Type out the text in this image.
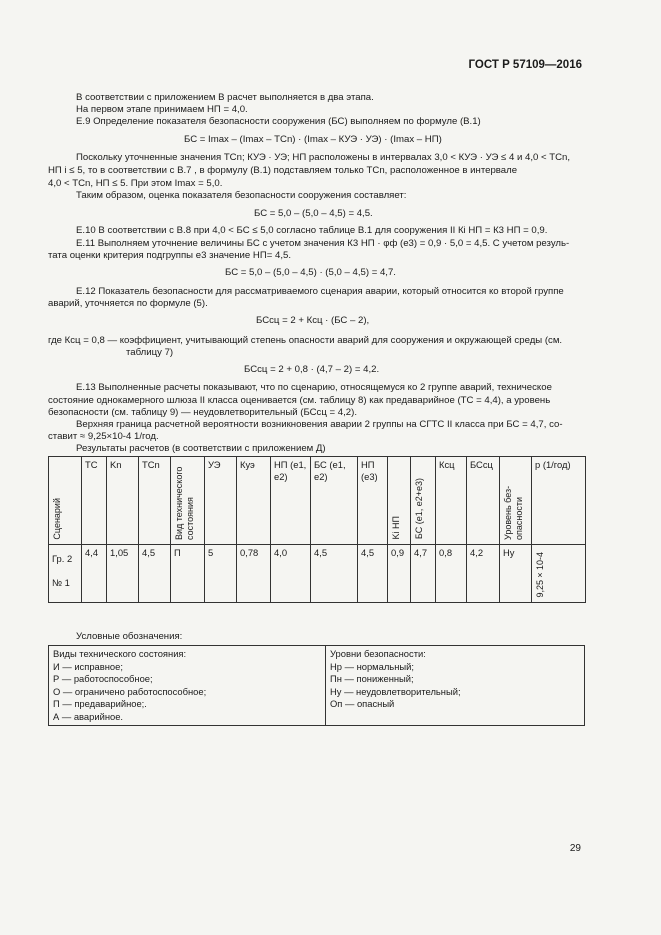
ГОСТ Р 57109—2016
В соответствии с приложением В расчет выполняется в два этапа.
На первом этапе принимаем НП = 4,0.
Е.9 Определение показателя безопасности сооружения (БС) выполняем по формуле (В.1)
БС = Imax – (Imax – ТСn) · (Imax – КУЭ · УЭ) · (Imax – НП)
Поскольку уточненные значения ТСn; КУЭ · УЭ; НП расположены в интервалах 3,0 < КУЭ · УЭ ≤ 4 и 4,0 < ТСn,
НП i ≤ 5, то в соответствии с В.7 , в формулу (В.1) подставляем только ТСn, расположенное в интервале
4,0 < ТСn, НП ≤ 5. При этом Imax = 5,0.
Таким образом, оценка показателя безопасности сооружения составляет:
БС = 5,0 – (5,0 – 4,5) = 4,5.
Е.10 В соответствии с В.8 при 4,0 < БС ≤ 5,0 согласно таблице В.1 для сооружения II Кi НП = К3 НП = 0,9.
Е.11 Выполняем уточнение величины БС с учетом значения К3 НП · φф (е3) = 0,9 · 5,0 = 4,5. С учетом резуль-
тата оценки критерия подгруппы е3 значение НП= 4,5.
БС = 5,0 – (5,0 – 4,5) · (5,0 – 4,5) = 4,7.
Е.12 Показатель безопасности для рассматриваемого сценария аварии, который относится ко второй группе
аварий, уточняется по формуле (5).
БСсц = 2 + Ксц · (БС – 2),
где Ксц = 0,8 — коэффициент, учитывающий степень опасности аварий для сооружения и окружающей среды (см.
таблицу 7)
БСсц = 2 + 0,8 · (4,7 – 2) = 4,2.
Е.13 Выполненные расчеты показывают, что по сценарию, относящемуся ко 2 группе аварий, техническое
состояние однокамерного шлюза II класса оценивается (см. таблицу 8) как предаварийное (ТС = 4,4), а уровень
безопасности (см. таблицу 9) — неудовлетворительный (БСсц = 4,2).
Верхняя граница расчетной вероятности возникновения аварии 2 группы на СГТС II класса при БС = 4,7, со-
ставит ≈ 9,25×10-4 1/год.
Результаты расчетов (в соответствии с приложением Д)
Сценарий	ТС	Kn	ТСn	Вид технического состояния	УЭ	Куэ	НП (е1, е2)	БС (е1, е2)	НП (е3)	Ki НП	БС (е1, е2+е3)	Ксц	БСсц	Уровень без-опасности	p (1/год)
Гр. 2 № 1	4,4	1,05	4,5	П	5	0,78	4,0	4,5	4,5	0,9	4,7	0,8	4,2	Ну	9,25×10-4
Условные обозначения:
Виды технического состояния:
И — исправное;
Р — работоспособное;
О — ограничено работоспособное;
П — предаварийное;.
А — аварийное.

Уровни безопасности:
Нр — нормальный;
Пн — пониженный;
Ну — неудовлетворительный;
Оп — опасный
29
